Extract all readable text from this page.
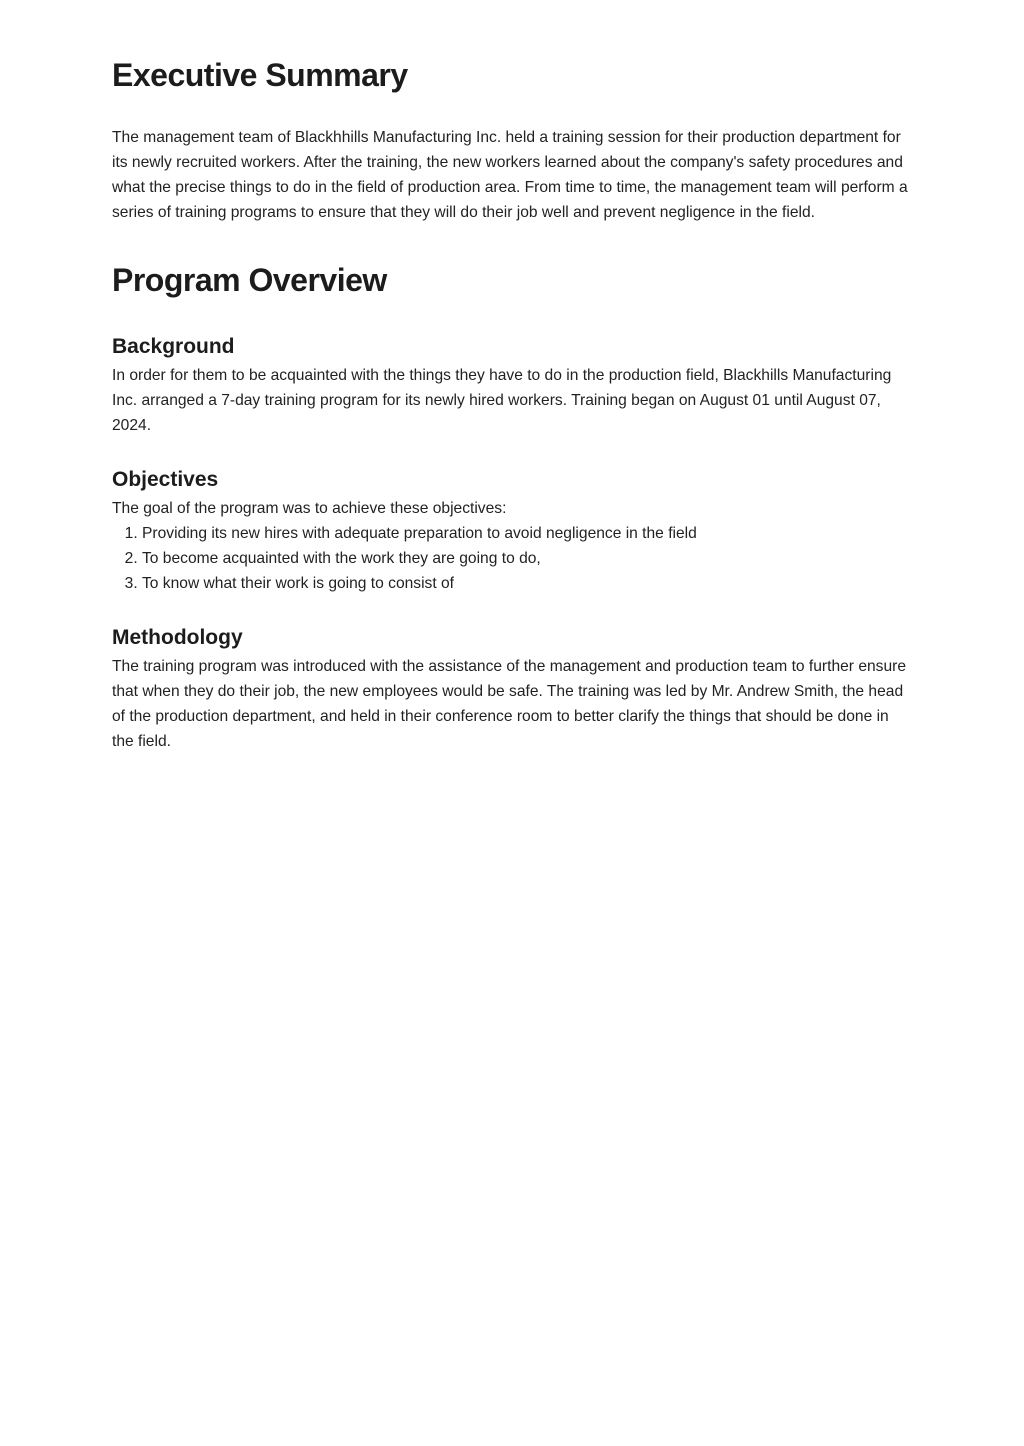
Executive Summary

The management team of Blackhhills Manufacturing Inc. held a training session for their production department for its newly recruited workers. After the training, the new workers learned about the company's safety procedures and what the precise things to do in the field of production area. From time to time, the management team will perform a series of training programs to ensure that they will do their job well and prevent negligence in the field.

Program Overview
Background

In order for them to be acquainted with the things they have to do in the production field, Blackhills Manufacturing Inc. arranged a 7-day training program for its newly hired workers. Training began on August 01 until August 07, 2024.

Objectives

The goal of the program was to achieve these objectives:

1. Providing its new hires with adequate preparation to avoid negligence in the field
2. To become acquainted with the work they are going to do,
3. To know what their work is going to consist of
Methodology

The training program was introduced with the assistance of the management and production team to further ensure that when they do their job, the new employees would be safe. The training was led by Mr. Andrew Smith, the head of the production department, and held in their conference room to better clarify the things that should be done in the field.
